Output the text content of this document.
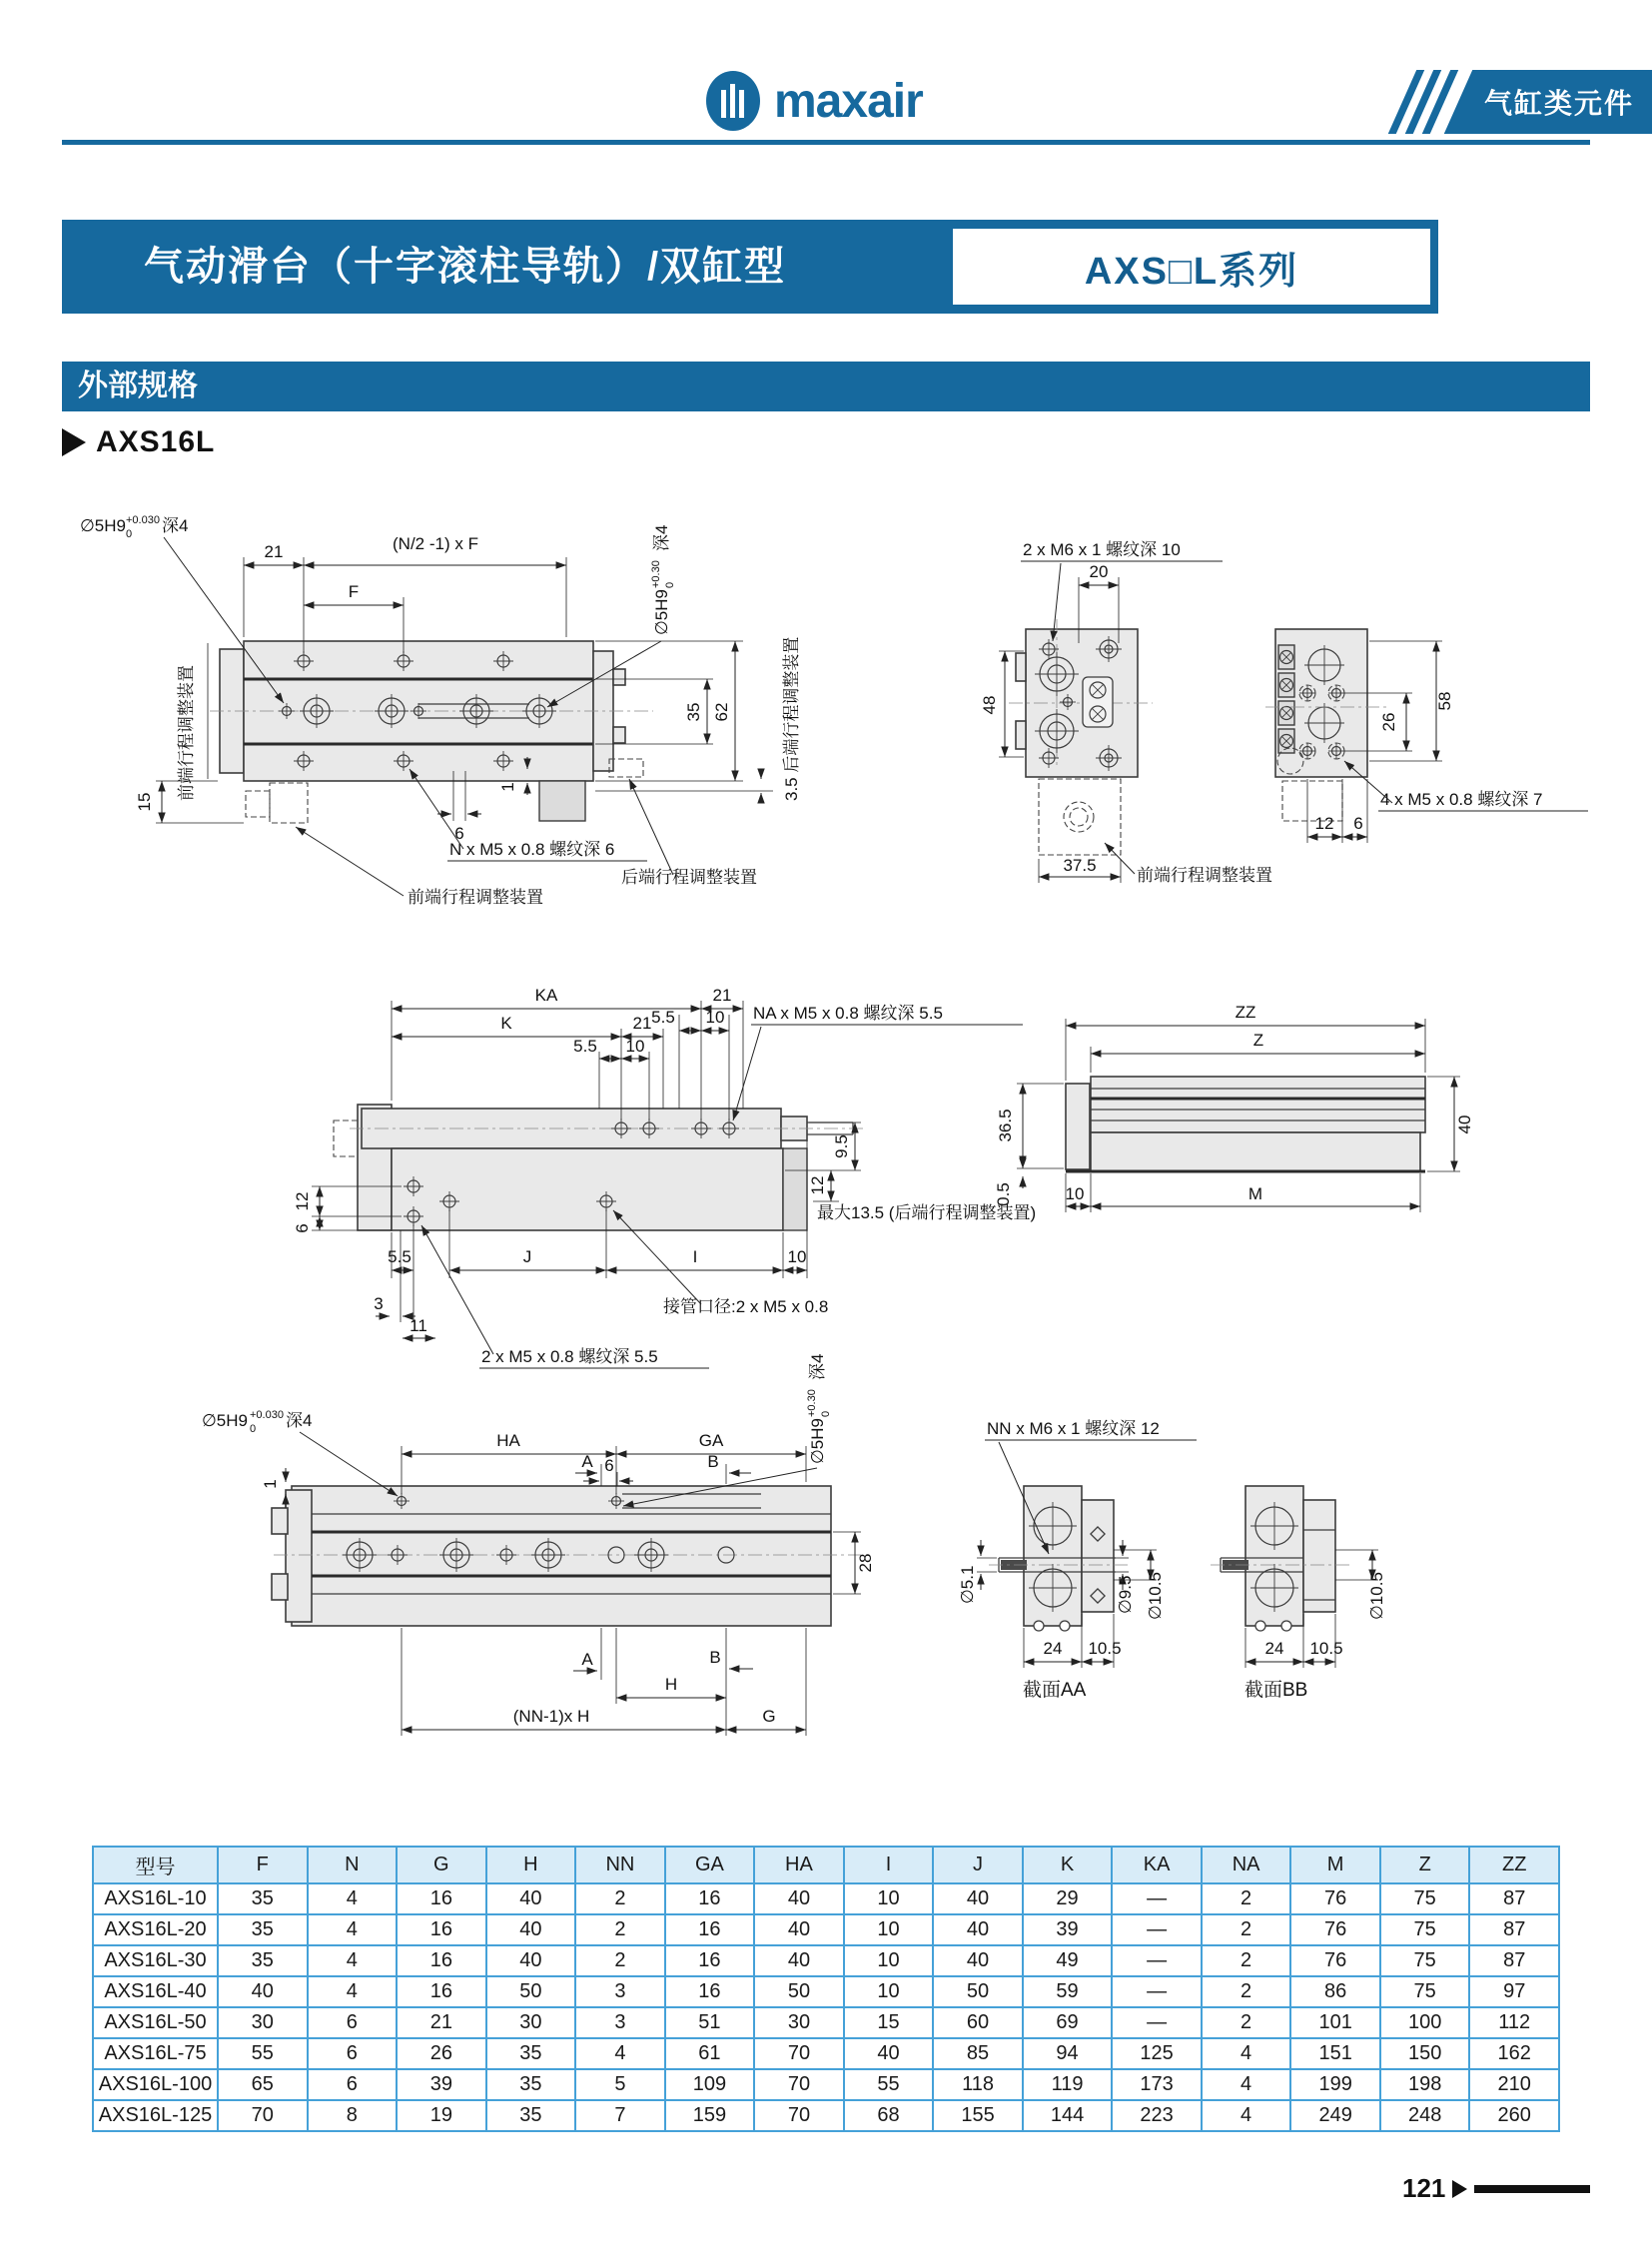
maxair	气缸类元件
气动滑台（十字滚柱导轨）/双缸型	AXS□L系列
外部规格
AXS16L
21	(N/2 -1) x F
F
∅5H9 +0.030
0 深4
前端行程调整装置
15
6
1
N x M5 x 0.8 螺纹深 6
前端行程调整装置
后端行程调整装置
35 62	3.5 后端行程调整装置
∅5H9
+0.30 0
深4	2 x M6 x 1 螺纹深 10
20
48
37.5
前端行程调整装置
58
26
4 x M5 x 0.8 螺纹深 7
12 6
KA	21
10
5.5
K	21
10
5.5
NA x M5 x 0.8 螺纹深 5.5
12
6
5.5	J	I	10
3
11
接管口径:2 x M5 x 0.8
2 x M5 x 0.8 螺纹深 5.5
9.5
12
最大13.5 (后端行程调整装置)
ZZ
Z
36.5
0.5
40
10	M
∅5H9 +0.030
0 深4
HA	GA
A	B
6
1
28
∅5H9
+0.30 0
深4
A	B
H
(NN-1)x H	G
NN x M6 x 1 螺纹深 12
∅5.1	∅9.5 ∅10.5
24 10.5
截面AA
∅10.5
24 10.5
截面BB
型号	F	N	G	H	NN	GA	HA	I	J	K	KA	NA	M	Z	ZZ
AXS16L-10	35	4	16	40	2	16	40	10	40	29	—	2	76	75	87
AXS16L-20	35	4	16	40	2	16	40	10	40	39	—	2	76	75	87
AXS16L-30	35	4	16	40	2	16	40	10	40	49	—	2	76	75	87
AXS16L-40	40	4	16	50	3	16	50	10	50	59	—	2	86	75	97
AXS16L-50	30	6	21	30	3	51	30	15	60	69	—	2	101	100	112
AXS16L-75	55	6	26	35	4	61	70	40	85	94	125	4	151	150	162
AXS16L-100	65	6	39	35	5	109	70	55	118	119	173	4	199	198	210
AXS16L-125	70	8	19	35	7	159	70	68	155	144	223	4	249	248	260
121
